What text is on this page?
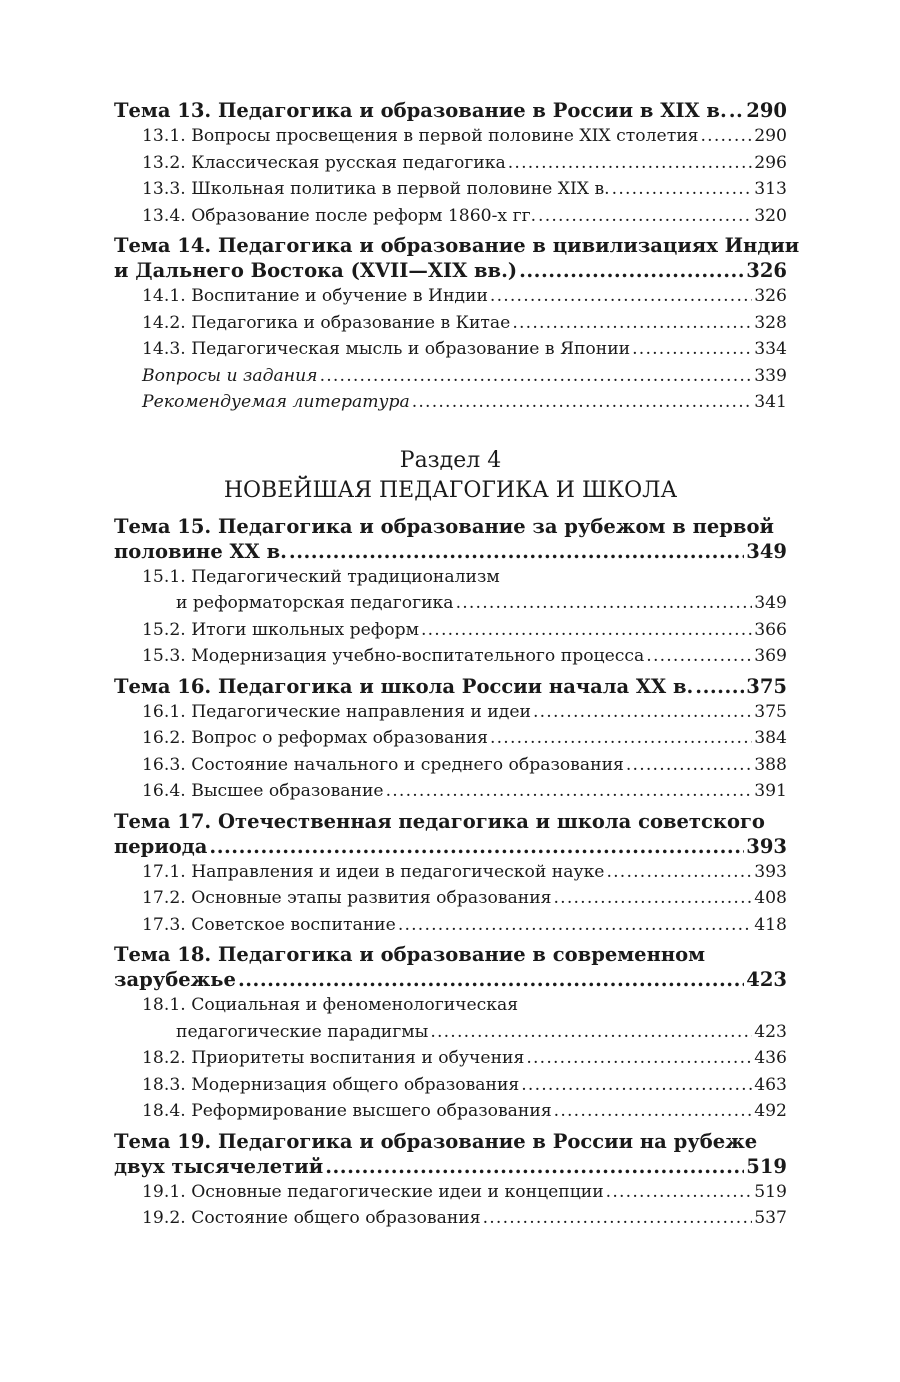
Тема 13. Педагогика и образование в России в XIX в. ..... 290
13.1. Вопросы просвещения в первой половине XIX столетия .....	290
13.2. Классическая русская педагогика .....	296
13.3. Школьная политика в первой половине XIX в. .....	313
13.4. Образование после реформ 1860-х гг. .....	320
Тема 14. Педагогика и образование в цивилизациях Индии
и Дальнего Востока (XVII—XIX вв.) .....	326
14.1. Воспитание и обучение в Индии .....	326
14.2. Педагогика и образование в Китае .....	328
14.3. Педагогическая мысль и образование в Японии .....	334
Вопросы и задания .....	339
Рекомендуемая литература .....	341
Раздел 4
НОВЕЙШАЯ ПЕДАГОГИКА И ШКОЛА
Тема 15. Педагогика и образование за рубежом в первой
половине XX в. .....	349
15.1. Педагогический традиционализм
и реформаторская педагогика .....	349
15.2. Итоги школьных реформ .....	366
15.3. Модернизация учебно-воспитательного процесса .....	369
Тема 16. Педагогика и школа России начала XX в. .....	375
16.1. Педагогические направления и идеи .....	375
16.2. Вопрос о реформах образования .....	384
16.3. Состояние начального и среднего образования .....	388
16.4. Высшее образование .....	391
Тема 17. Отечественная педагогика и школа советского
периода .....	393
17.1. Направления и идеи в педагогической науке .....	393
17.2. Основные этапы развития образования .....	408
17.3. Советское воспитание .....	418
Тема 18. Педагогика и образование в современном
зарубежье .....	423
18.1. Социальная и феноменологическая
педагогические парадигмы .....	423
18.2. Приоритеты воспитания и обучения .....	436
18.3. Модернизация общего образования .....	463
18.4. Реформирование высшего образования .....	492
Тема 19. Педагогика и образование в России на рубеже
двух тысячелетий .....	519
19.1. Основные педагогические идеи и концепции .....	519
19.2. Состояние общего образования .....	537
